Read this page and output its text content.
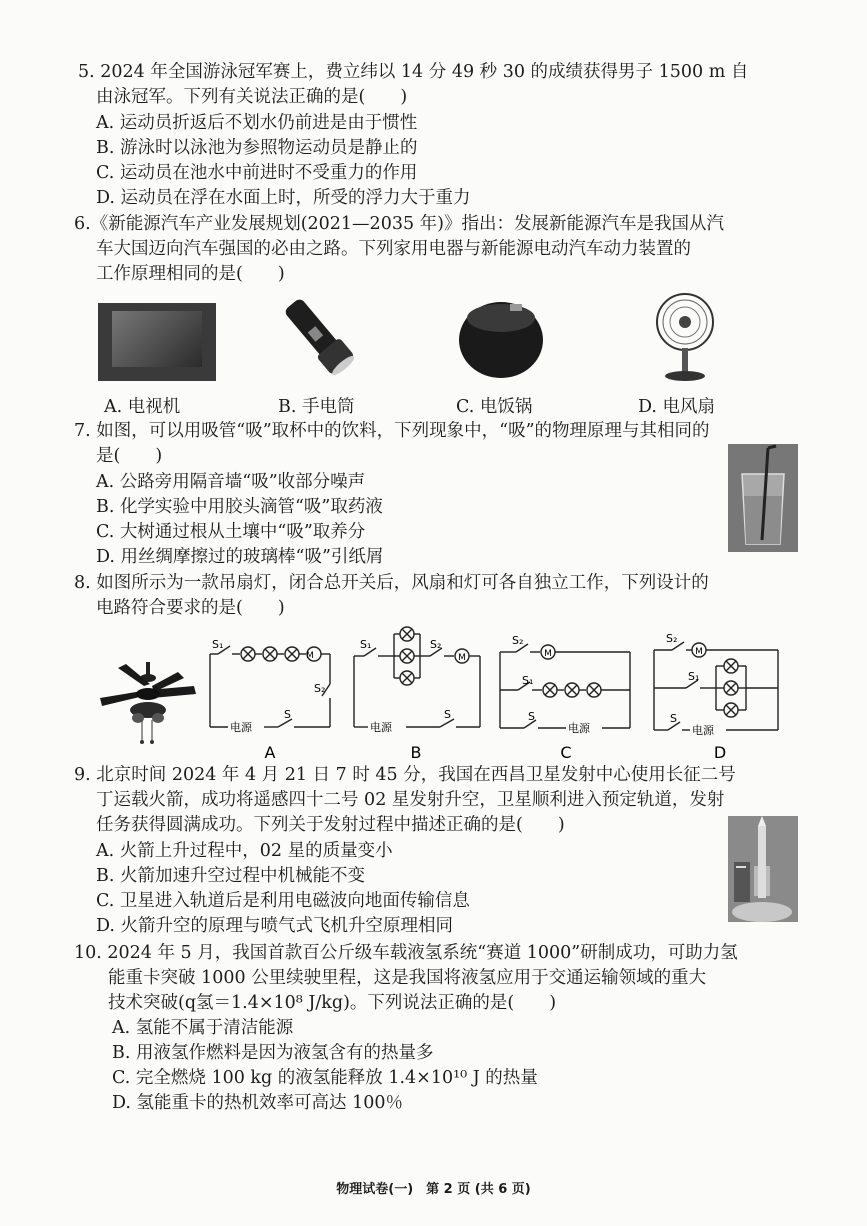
5. 2024 年全国游泳冠军赛上，费立纬以 14 分 49 秒 30 的成绩获得男子 1500 m 自
由泳冠军。下列有关说法正确的是(　　)
A. 运动员折返后不划水仍前进是由于惯性
B. 游泳时以泳池为参照物运动员是静止的
C. 运动员在池水中前进时不受重力的作用
D. 运动员在浮在水面上时，所受的浮力大于重力
6.《新能源汽车产业发展规划(2021—2035 年)》指出：发展新能源汽车是我国从汽
车大国迈向汽车强国的必由之路。下列家用电器与新能源电动汽车动力装置的
工作原理相同的是(　　)
A. 电视机	B. 手电筒	C. 电饭锅	D. 电风扇
7. 如图，可以用吸管“吸”取杯中的饮料，下列现象中，“吸”的物理原理与其相同的
是(　　)
A. 公路旁用隔音墙“吸”收部分噪声
B. 化学实验中用胶头滴管“吸”取药液
C. 大树通过根从土壤中“吸”取养分
D. 用丝绸摩擦过的玻璃棒“吸”引纸屑
8. 如图所示为一款吊扇灯，闭合总开关后，风扇和灯可各自独立工作，下列设计的
电路符合要求的是(　　)
S₁
M
S₂
电源
S
A
S₁	S₂
M
电源
S
B
S₂
M
S₁
S
电源
C
S₂
M
S₁
S
电源
D
9. 北京时间 2024 年 4 月 21 日 7 时 45 分，我国在西昌卫星发射中心使用长征二号
丁运载火箭，成功将遥感四十二号 02 星发射升空，卫星顺利进入预定轨道，发射
任务获得圆满成功。下列关于发射过程中描述正确的是(　　)
A. 火箭上升过程中，02 星的质量变小
B. 火箭加速升空过程中机械能不变
C. 卫星进入轨道后是利用电磁波向地面传输信息
D. 火箭升空的原理与喷气式飞机升空原理相同
10. 2024 年 5 月，我国首款百公斤级车载液氢系统“赛道 1000”研制成功，可助力氢
能重卡突破 1000 公里续驶里程，这是我国将液氢应用于交通运输领域的重大
技术突破(q氢＝1.4×10⁸ J/kg)。下列说法正确的是(　　)
A. 氢能不属于清洁能源
B. 用液氢作燃料是因为液氢含有的热量多
C. 完全燃烧 100 kg 的液氢能释放 1.4×10¹⁰ J 的热量
D. 氢能重卡的热机效率可高达 100％
物理试卷(一)　第 2 页 (共 6 页)
